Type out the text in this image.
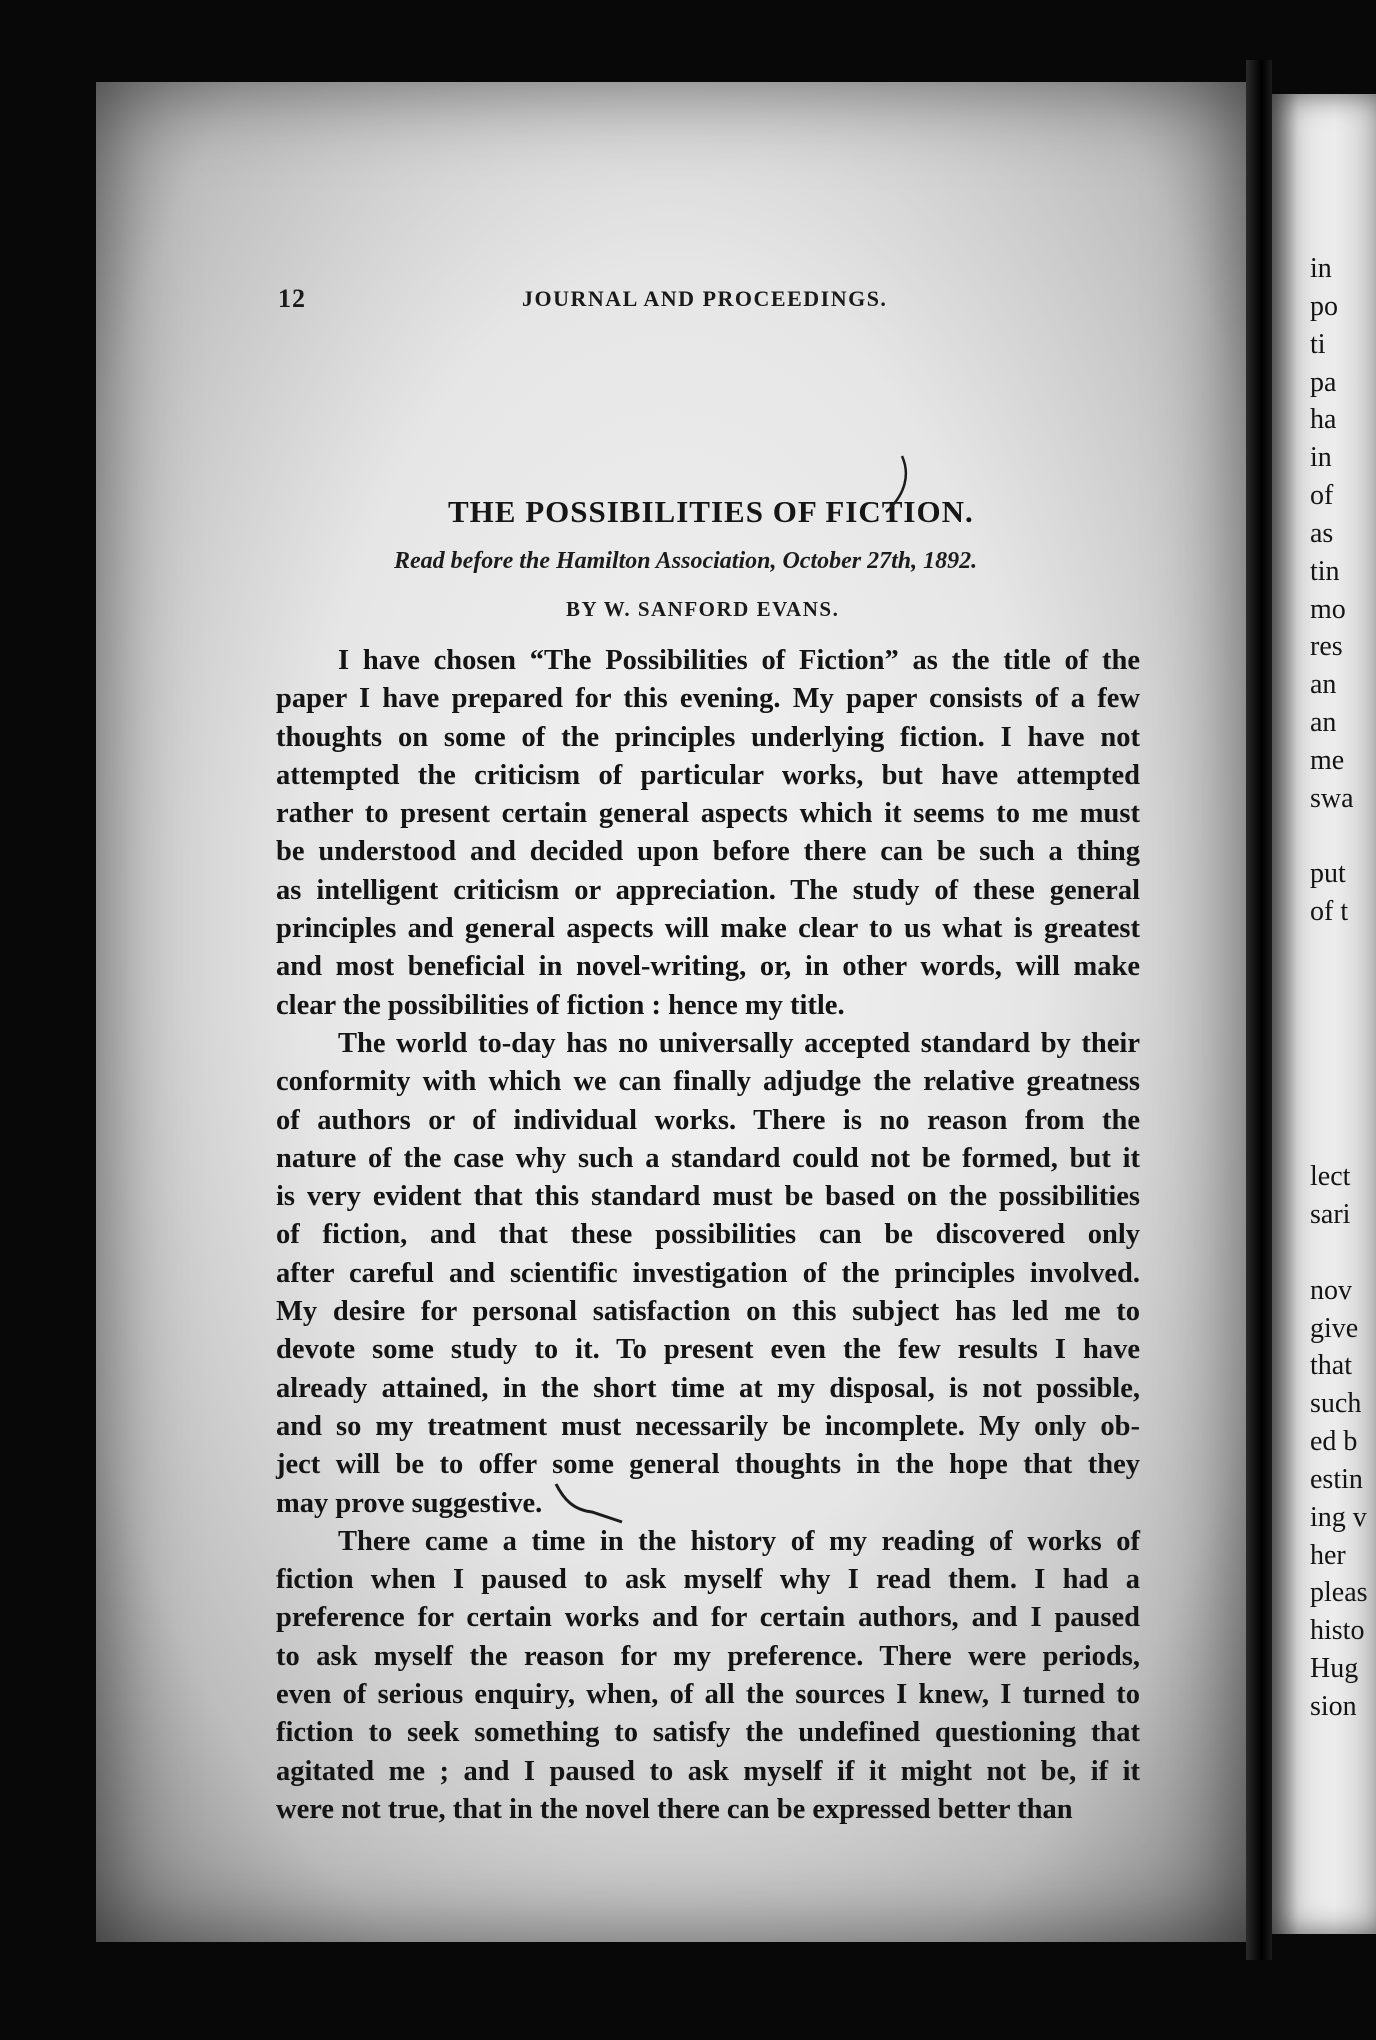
in
po
ti
pa
ha
in
of
as
tin
mo
res
an
an
me
swa
put
of t
lect
sari
nov
give
that
such
ed b
estin
ing v
her
pleas
histo
Hug
sion
12	JOURNAL AND PROCEEDINGS.
THE POSSIBILITIES OF FICTION.
Read before the Hamilton Association, October 27th, 1892.
BY W. SANFORD EVANS.
I have chosen “The Possibilities of Fiction” as the title of the
paper I have prepared for this evening. My paper consists of a few
thoughts on some of the principles underlying fiction. I have not
attempted the criticism of particular works, but have attempted
rather to present certain general aspects which it seems to me must
be understood and decided upon before there can be such a thing
as intelligent criticism or appreciation. The study of these general
principles and general aspects will make clear to us what is greatest
and most beneficial in novel-writing, or, in other words, will make
clear the possibilities of fiction : hence my title.
The world to-day has no universally accepted standard by their
conformity with which we can finally adjudge the relative greatness
of authors or of individual works. There is no reason from the
nature of the case why such a standard could not be formed, but it
is very evident that this standard must be based on the possibilities
of fiction, and that these possibilities can be discovered only
after careful and scientific investigation of the principles involved.
My desire for personal satisfaction on this subject has led me to
devote some study to it. To present even the few results I have
already attained, in the short time at my disposal, is not possible,
and so my treatment must necessarily be incomplete. My only ob-
ject will be to offer some general thoughts in the hope that they
may prove suggestive.
There came a time in the history of my reading of works of
fiction when I paused to ask myself why I read them. I had a
preference for certain works and for certain authors, and I paused
to ask myself the reason for my preference. There were periods,
even of serious enquiry, when, of all the sources I knew, I turned to
fiction to seek something to satisfy the undefined questioning that
agitated me ; and I paused to ask myself if it might not be, if it
were not true, that in the novel there can be expressed better than
